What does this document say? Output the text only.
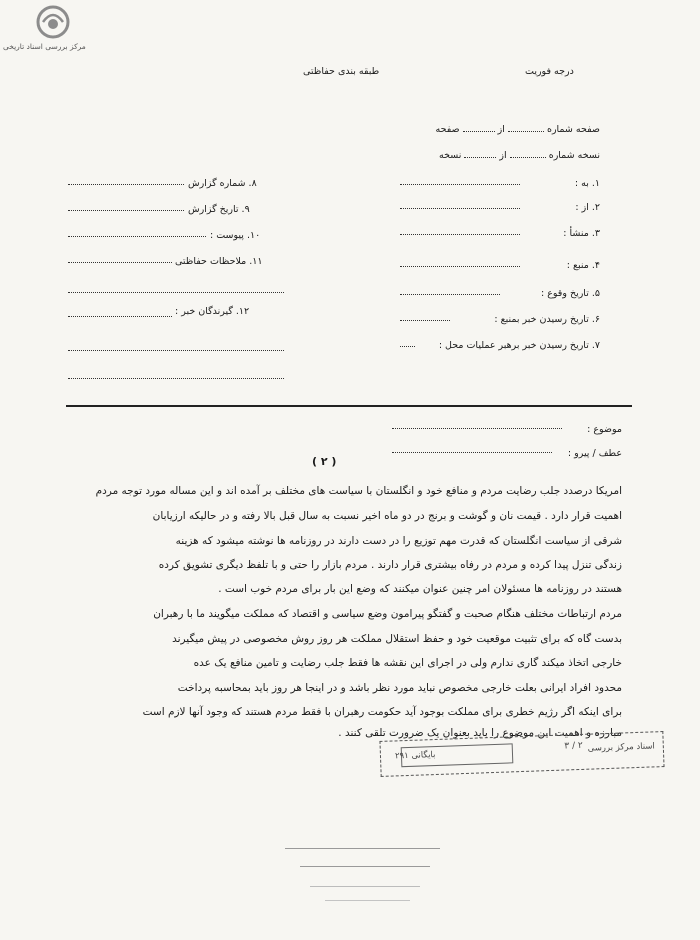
مرکز بررسی اسناد تاریخی
طبقه بندی حفاظتی	درجه فوریت
صفحه شماره  از  صفحه
نسخه شماره  از  نسخه
۱. به :
۲. از :
۳. منشأ :
۴. منبع :
۵. تاریخ وقوع :
۶. تاریخ رسیدن خبر بمنبع :
۷. تاریخ رسیدن خبر برهبر عملیات محل :
۸. شماره گزارش
۹. تاریخ گزارش
۱۰. پیوست :
۱۱. ملاحظات حفاظتی
۱۲. گیرندگان خبر :
موضوع :
عطف / پیرو :
( ۲ )
امریکا درصدد جلب رضایت مردم و منافع خود و انگلستان با سیاست های مختلف بر آمده اند و این مساله مورد توجه مردم
اهمیت قرار دارد . قیمت نان و گوشت و برنج در دو ماه اخیر نسبت به سال قبل بالا رفته و در حالیکه ارزیابان
شرقی از سیاست انگلستان که قدرت مهم توزیع را در دست دارند در روزنامه ها نوشته میشود که هزینه
زندگی تنزل پیدا کرده و مردم در رفاه بیشتری قرار دارند . مردم بازار را حتی و با تلفظ دیگری تشویق کرده
هستند در روزنامه ها مسئولان امر چنین عنوان میکنند که وضع این بار برای مردم خوب است .
مردم ارتباطات مختلف هنگام صحبت و گفتگو پیرامون وضع سیاسی و اقتصاد که مملکت میگویند ما با رهبران
بدست گاه که برای تثبیت موقعیت خود و حفظ استقلال مملکت هر روز روش مخصوصی در پیش میگیرند
خارجی اتخاذ میکند گاری ندارم ولی در اجرای این نقشه ها فقط جلب رضایت و تامین منافع یک عده
محدود افراد ایرانی بعلت خارجی مخصوص نباید مورد نظر باشد و در اینجا هر روز باید بمحاسبه پرداخت
برای اینکه اگر رژیم خطری برای مملکت بوجود آید حکومت رهبران با فقط مردم هستند که وجود آنها لازم است
مبارزه و اهمیت این موضوع را باید بعنوان یک ضرورت تلقی کنند .
اسناد مرکز بررسی
۳ / ۲
بایگانی ۲۹۱
